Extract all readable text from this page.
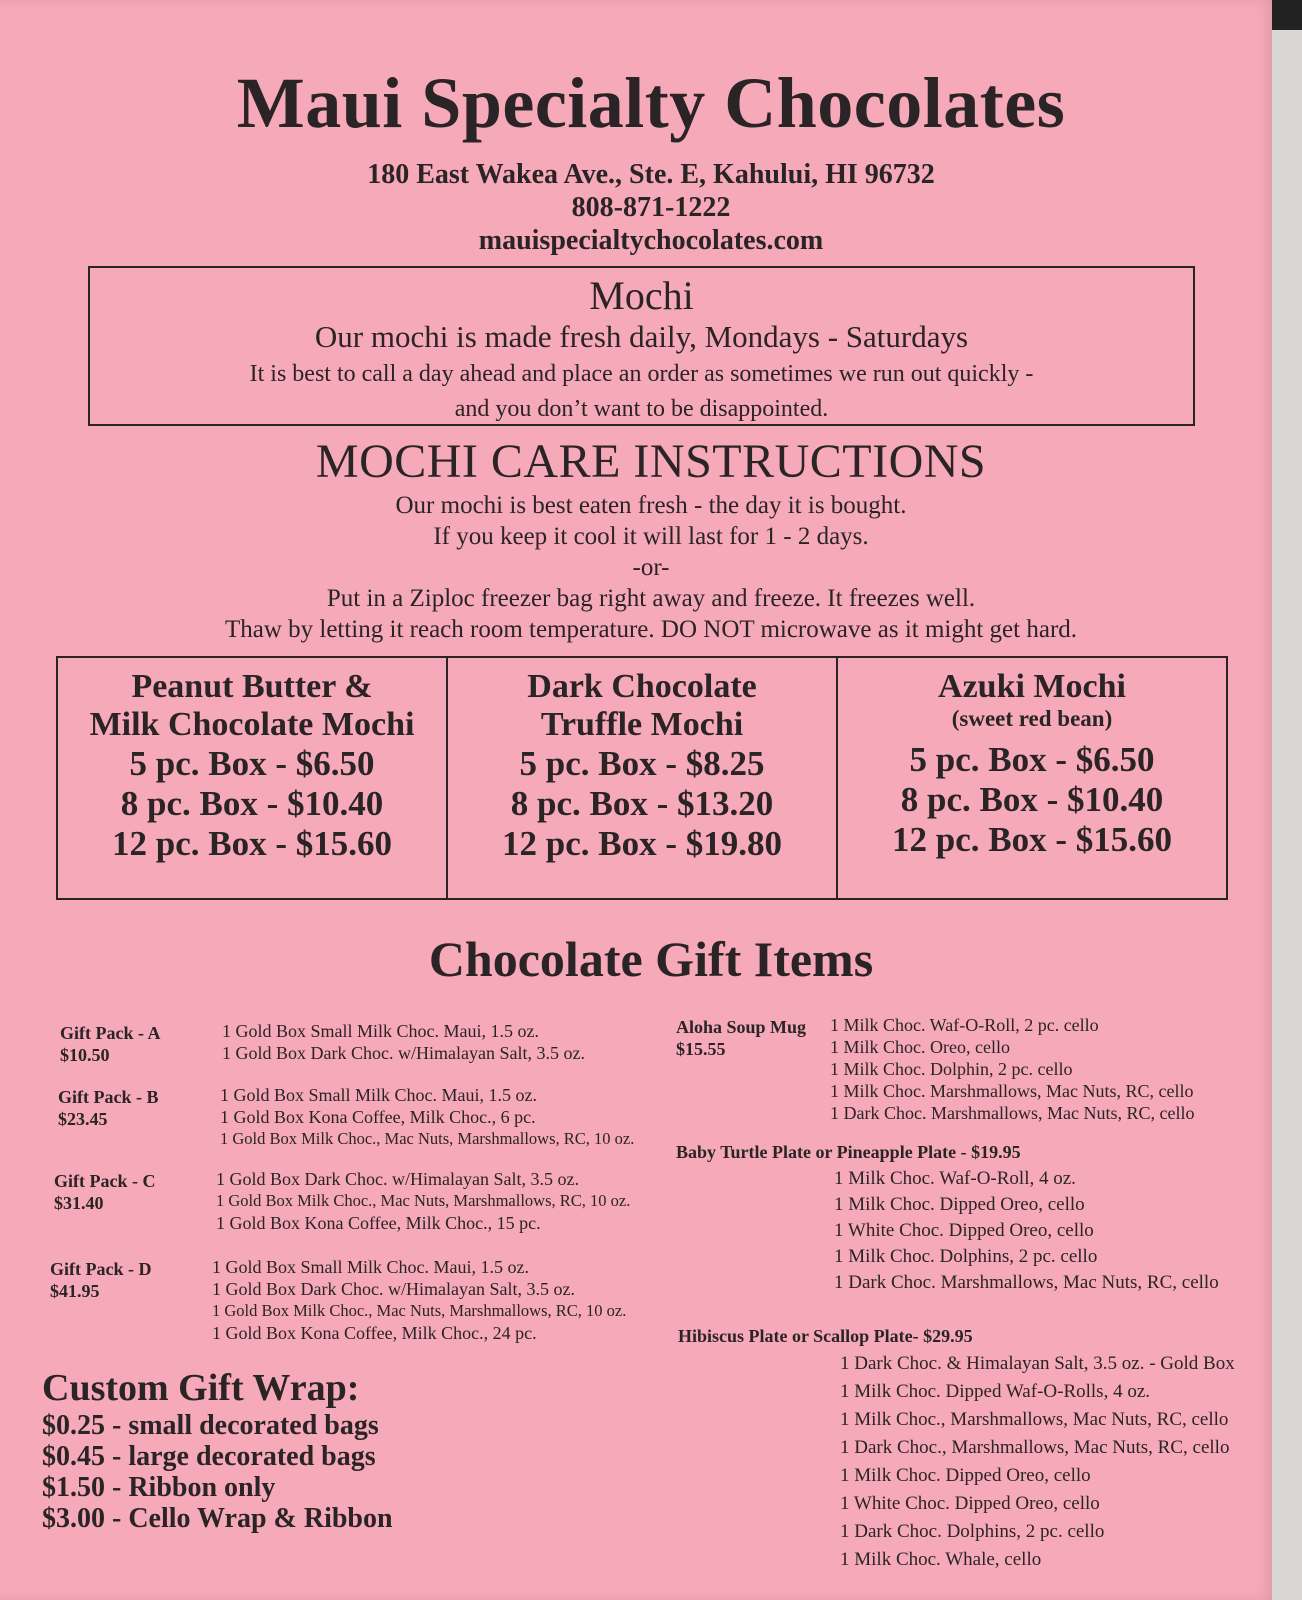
Maui Specialty Chocolates
180 East Wakea Ave., Ste. E, Kahului, HI 96732
808-871-1222
mauispecialtychocolates.com
Mochi
Our mochi is made fresh daily, Mondays - Saturdays
It is best to call a day ahead and place an order as sometimes we run out quickly -
and you don’t want to be disappointed.
MOCHI CARE INSTRUCTIONS
Our mochi is best eaten fresh - the day it is bought.
If you keep it cool it will last for 1 - 2 days.
-or-
Put in a Ziploc freezer bag right away and freeze. It freezes well.
Thaw by letting it reach room temperature. DO NOT microwave as it might get hard.
Peanut Butter &
Milk Chocolate Mochi
5 pc. Box - $6.50
8 pc. Box - $10.40
12 pc. Box - $15.60
Dark Chocolate
Truffle Mochi
5 pc. Box - $8.25
8 pc. Box - $13.20
12 pc. Box - $19.80
Azuki Mochi
(sweet red bean)
5 pc. Box - $6.50
8 pc. Box - $10.40
12 pc. Box - $15.60
Chocolate Gift Items
Gift Pack - A
$10.50
1 Gold Box Small Milk Choc. Maui, 1.5 oz.
1 Gold Box Dark Choc. w/Himalayan Salt, 3.5 oz.
Gift Pack - B
$23.45
1 Gold Box Small Milk Choc. Maui, 1.5 oz.
1 Gold Box Kona Coffee, Milk Choc., 6 pc.
1 Gold Box Milk Choc., Mac Nuts, Marshmallows, RC, 10 oz.
Gift Pack - C
$31.40
1 Gold Box Dark Choc. w/Himalayan Salt, 3.5 oz.
1 Gold Box Milk Choc., Mac Nuts, Marshmallows, RC, 10 oz.
1 Gold Box Kona Coffee, Milk Choc., 15 pc.
Gift Pack - D
$41.95
1 Gold Box Small Milk Choc. Maui, 1.5 oz.
1 Gold Box Dark Choc. w/Himalayan Salt, 3.5 oz.
1 Gold Box Milk Choc., Mac Nuts, Marshmallows, RC, 10 oz.
1 Gold Box Kona Coffee, Milk Choc., 24 pc.
Custom Gift Wrap:
$0.25 - small decorated bags
$0.45 - large decorated bags
$1.50 - Ribbon only
$3.00 - Cello Wrap & Ribbon
Aloha Soup Mug
$15.55
1 Milk Choc. Waf-O-Roll, 2 pc. cello
1 Milk Choc. Oreo, cello
1 Milk Choc. Dolphin, 2 pc. cello
1 Milk Choc. Marshmallows, Mac Nuts, RC, cello
1 Dark Choc. Marshmallows, Mac Nuts, RC, cello
Baby Turtle Plate or Pineapple Plate - $19.95
1 Milk Choc. Waf-O-Roll, 4 oz.
1 Milk Choc. Dipped Oreo, cello
1 White Choc. Dipped Oreo, cello
1 Milk Choc. Dolphins, 2 pc. cello
1 Dark Choc. Marshmallows, Mac Nuts, RC, cello
Hibiscus Plate or Scallop Plate- $29.95
1 Dark Choc. & Himalayan Salt, 3.5 oz. - Gold Box
1 Milk Choc. Dipped Waf-O-Rolls, 4 oz.
1 Milk Choc., Marshmallows, Mac Nuts, RC, cello
1 Dark Choc., Marshmallows, Mac Nuts, RC, cello
1 Milk Choc. Dipped Oreo, cello
1 White Choc. Dipped Oreo, cello
1 Dark Choc. Dolphins, 2 pc. cello
1 Milk Choc. Whale, cello
